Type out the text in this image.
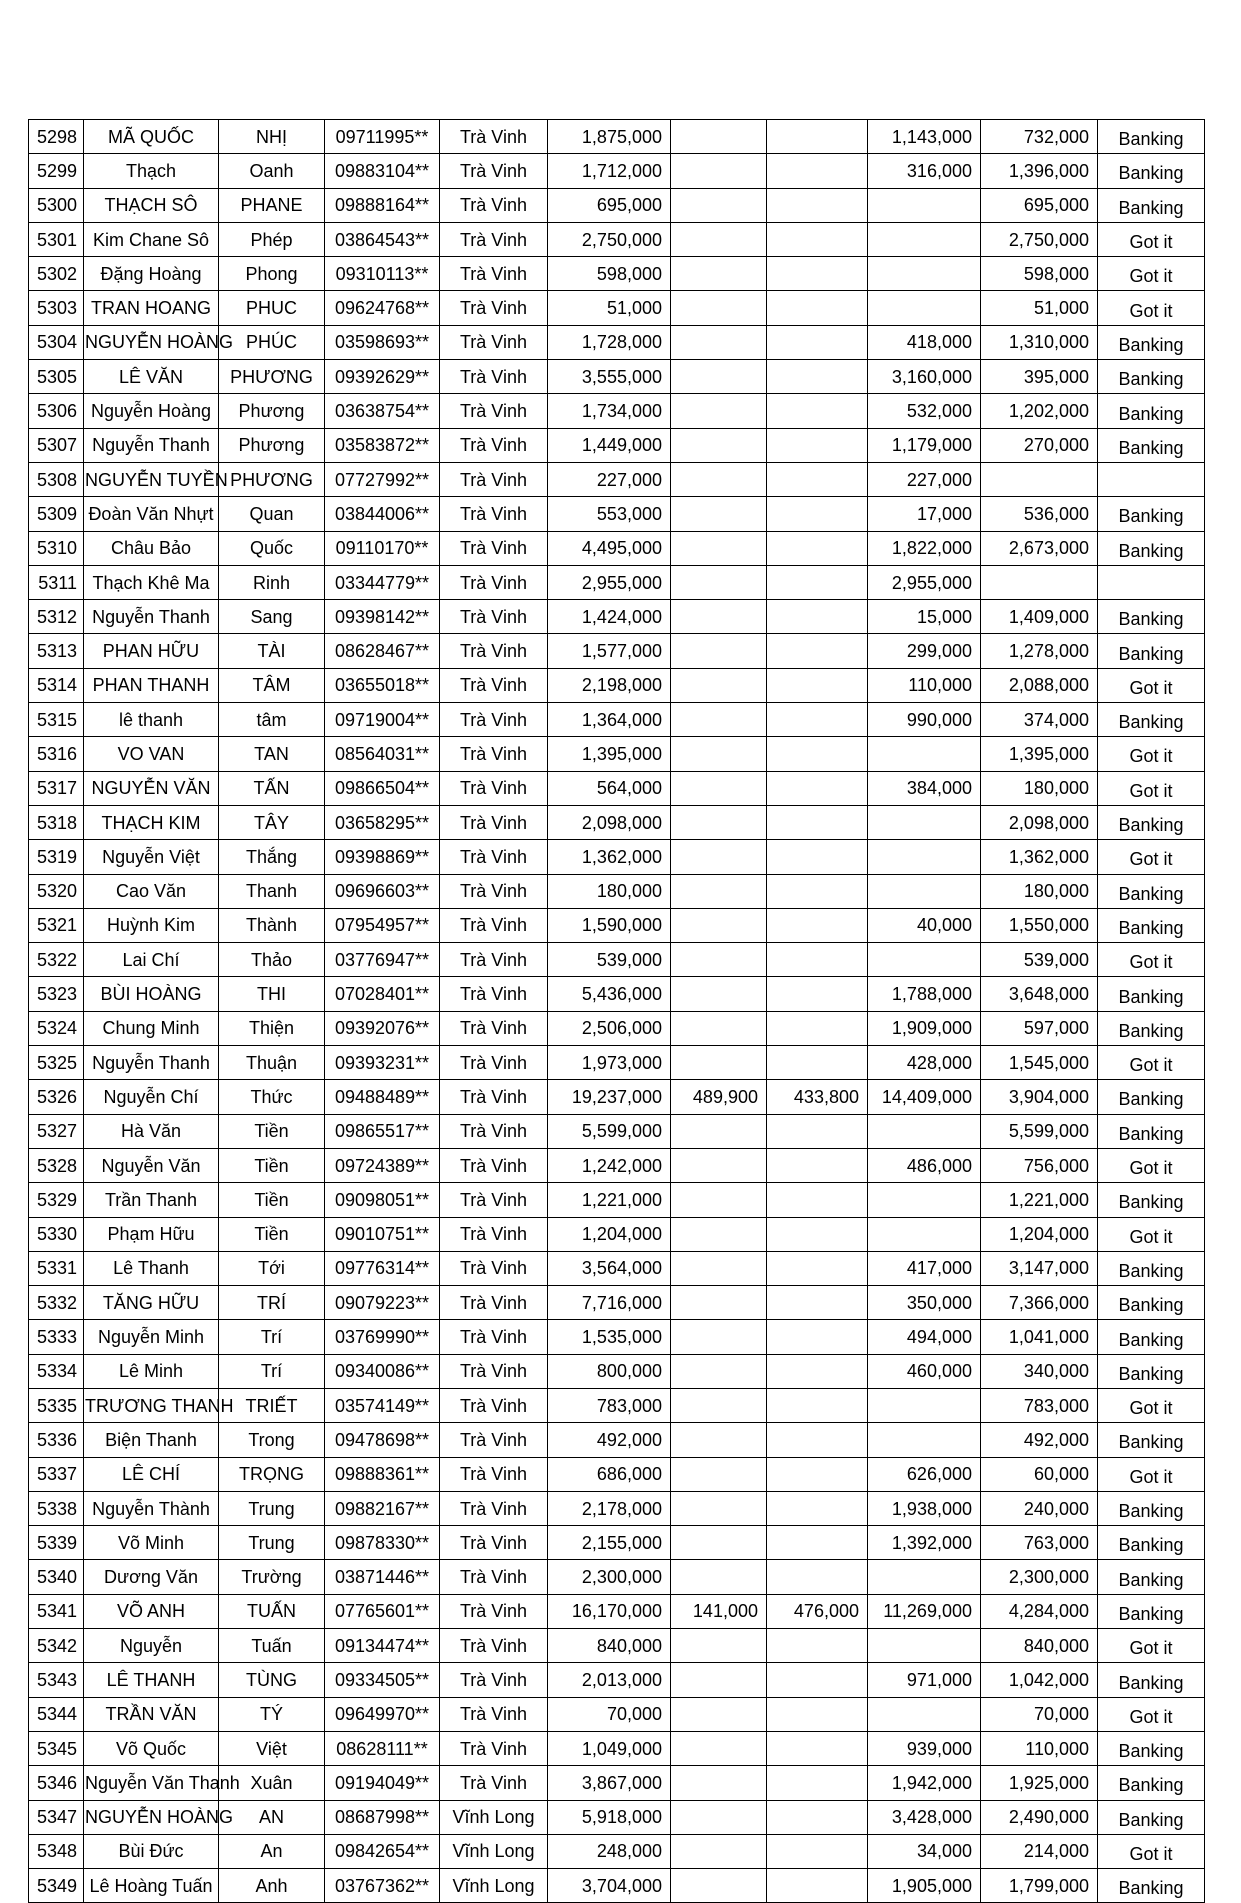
5298	MÃ QUỐC	NHỊ	09711995**	Trà Vinh	1,875,000			1,143,000	732,000	Banking
5299	Thạch	Oanh	09883104**	Trà Vinh	1,712,000			316,000	1,396,000	Banking
5300	THẠCH SÔ	PHANE	09888164**	Trà Vinh	695,000				695,000	Banking
5301	Kim Chane Sô	Phép	03864543**	Trà Vinh	2,750,000				2,750,000	Got it
5302	Đặng Hoàng	Phong	09310113**	Trà Vinh	598,000				598,000	Got it
5303	TRAN HOANG	PHUC	09624768**	Trà Vinh	51,000				51,000	Got it
5304	NGUYỄN HOÀNG	PHÚC	03598693**	Trà Vinh	1,728,000			418,000	1,310,000	Banking
5305	LÊ VĂN	PHƯƠNG	09392629**	Trà Vinh	3,555,000			3,160,000	395,000	Banking
5306	Nguyễn Hoàng	Phương	03638754**	Trà Vinh	1,734,000			532,000	1,202,000	Banking
5307	Nguyễn Thanh	Phương	03583872**	Trà Vinh	1,449,000			1,179,000	270,000	Banking
5308	NGUYỄN TUYỀN	PHƯƠNG	07727992**	Trà Vinh	227,000			227,000		
5309	Đoàn Văn Nhựt	Quan	03844006**	Trà Vinh	553,000			17,000	536,000	Banking
5310	Châu Bảo	Quốc	09110170**	Trà Vinh	4,495,000			1,822,000	2,673,000	Banking
5311	Thạch Khê Ma	Rinh	03344779**	Trà Vinh	2,955,000			2,955,000		
5312	Nguyễn Thanh	Sang	09398142**	Trà Vinh	1,424,000			15,000	1,409,000	Banking
5313	PHAN HỮU	TÀI	08628467**	Trà Vinh	1,577,000			299,000	1,278,000	Banking
5314	PHAN THANH	TÂM	03655018**	Trà Vinh	2,198,000			110,000	2,088,000	Got it
5315	lê thanh	tâm	09719004**	Trà Vinh	1,364,000			990,000	374,000	Banking
5316	VO VAN	TAN	08564031**	Trà Vinh	1,395,000				1,395,000	Got it
5317	NGUYỄN VĂN	TẤN	09866504**	Trà Vinh	564,000			384,000	180,000	Got it
5318	THẠCH KIM	TÂY	03658295**	Trà Vinh	2,098,000				2,098,000	Banking
5319	Nguyễn Việt	Thắng	09398869**	Trà Vinh	1,362,000				1,362,000	Got it
5320	Cao Văn	Thanh	09696603**	Trà Vinh	180,000				180,000	Banking
5321	Huỳnh Kim	Thành	07954957**	Trà Vinh	1,590,000			40,000	1,550,000	Banking
5322	Lai Chí	Thảo	03776947**	Trà Vinh	539,000				539,000	Got it
5323	BÙI HOÀNG	THI	07028401**	Trà Vinh	5,436,000			1,788,000	3,648,000	Banking
5324	Chung Minh	Thiện	09392076**	Trà Vinh	2,506,000			1,909,000	597,000	Banking
5325	Nguyễn Thanh	Thuận	09393231**	Trà Vinh	1,973,000			428,000	1,545,000	Got it
5326	Nguyễn Chí	Thức	09488489**	Trà Vinh	19,237,000	489,900	433,800	14,409,000	3,904,000	Banking
5327	Hà Văn	Tiền	09865517**	Trà Vinh	5,599,000				5,599,000	Banking
5328	Nguyễn Văn	Tiền	09724389**	Trà Vinh	1,242,000			486,000	756,000	Got it
5329	Trần Thanh	Tiền	09098051**	Trà Vinh	1,221,000				1,221,000	Banking
5330	Phạm Hữu	Tiền	09010751**	Trà Vinh	1,204,000				1,204,000	Got it
5331	Lê Thanh	Tới	09776314**	Trà Vinh	3,564,000			417,000	3,147,000	Banking
5332	TĂNG HỮU	TRÍ	09079223**	Trà Vinh	7,716,000			350,000	7,366,000	Banking
5333	Nguyễn Minh	Trí	03769990**	Trà Vinh	1,535,000			494,000	1,041,000	Banking
5334	Lê Minh	Trí	09340086**	Trà Vinh	800,000			460,000	340,000	Banking
5335	TRƯƠNG THANH	TRIẾT	03574149**	Trà Vinh	783,000				783,000	Got it
5336	Biện Thanh	Trong	09478698**	Trà Vinh	492,000				492,000	Banking
5337	LÊ CHÍ	TRỌNG	09888361**	Trà Vinh	686,000			626,000	60,000	Got it
5338	Nguyễn Thành	Trung	09882167**	Trà Vinh	2,178,000			1,938,000	240,000	Banking
5339	Võ Minh	Trung	09878330**	Trà Vinh	2,155,000			1,392,000	763,000	Banking
5340	Dương Văn	Trường	03871446**	Trà Vinh	2,300,000				2,300,000	Banking
5341	VÕ ANH	TUẤN	07765601**	Trà Vinh	16,170,000	141,000	476,000	11,269,000	4,284,000	Banking
5342	Nguyễn	Tuấn	09134474**	Trà Vinh	840,000				840,000	Got it
5343	LÊ THANH	TÙNG	09334505**	Trà Vinh	2,013,000			971,000	1,042,000	Banking
5344	TRẦN VĂN	TÝ	09649970**	Trà Vinh	70,000				70,000	Got it
5345	Võ Quốc	Việt	08628111**	Trà Vinh	1,049,000			939,000	110,000	Banking
5346	Nguyễn Văn Thanh	Xuân	09194049**	Trà Vinh	3,867,000			1,942,000	1,925,000	Banking
5347	NGUYỄN HOÀNG	AN	08687998**	Vĩnh Long	5,918,000			3,428,000	2,490,000	Banking
5348	Bùi Đức	An	09842654**	Vĩnh Long	248,000			34,000	214,000	Got it
5349	Lê Hoàng Tuấn	Anh	03767362**	Vĩnh Long	3,704,000			1,905,000	1,799,000	Banking
